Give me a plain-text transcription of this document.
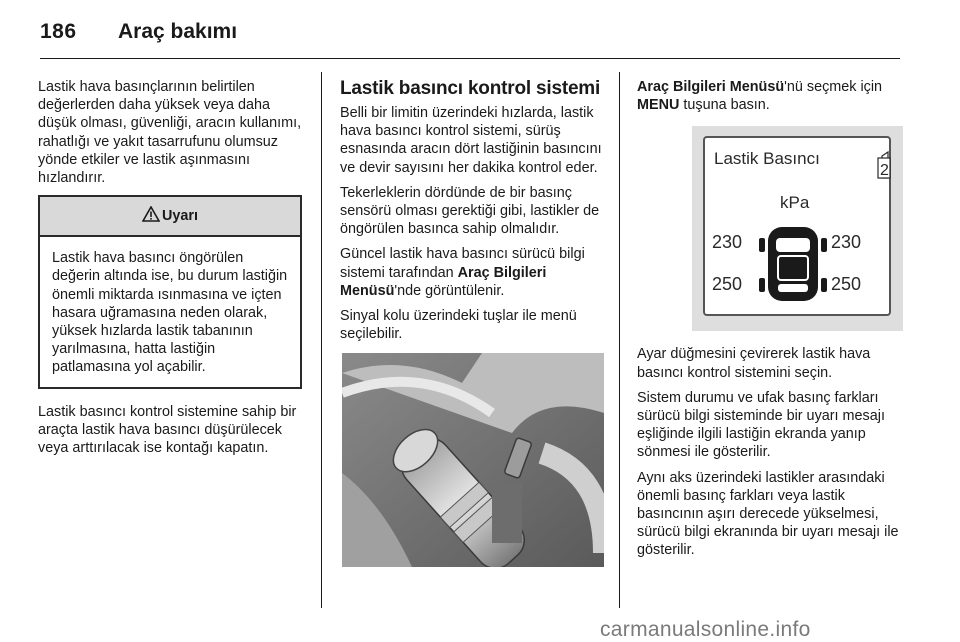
186 Araç bakımı

Lastik hava basınçlarının belirtilen değerlerden daha yüksek veya daha düşük olması, güvenliği, aracın kullanımı, rahatlığı ve yakıt tasarrufunu olumsuz yönde etkiler ve lastik aşınmasını hızlandırır.

Uyarı
Lastik hava basıncı öngörülen değerin altında ise, bu durum lastiğin önemli miktarda ısınmasına ve içten hasara uğramasına neden olarak, yüksek hızlarda lastik tabanının yarılmasına, hatta lastiğin patlamasına yol açabilir.

Lastik basıncı kontrol sistemine sahip bir araçta lastik hava basıncı düşürülecek veya arttırılacak ise kontağı kapatın.

Lastik basıncı kontrol sistemi

Belli bir limitin üzerindeki hızlarda, lastik hava basıncı kontrol sistemi, sürüş esnasında aracın dört lastiğinin basıncını ve devir sayısını her dakika kontrol eder.

Tekerleklerin dördünde de bir basınç sensörü olması gerektiği gibi, lastikler de öngörülen basınca sahip olmalıdır.

Güncel lastik hava basıncı sürücü bilgi sistemi tarafından Araç Bilgileri Menüsü'nde görüntülenir.

Sinyal kolu üzerindeki tuşlar ile menü seçilebilir.

Araç Bilgileri Menüsü'nü seçmek için MENU tuşuna basın.

Lastik Basıncı
2
kPa
230	230
250	250

Ayar düğmesini çevirerek lastik hava basıncı kontrol sistemini seçin.

Sistem durumu ve ufak basınç farkları sürücü bilgi sisteminde bir uyarı mesajı eşliğinde ilgili lastiğin ekranda yanıp sönmesi ile gösterilir.

Aynı aks üzerindeki lastikler arasındaki önemli basınç farkları veya lastik basıncının aşırı derecede yükselmesi, sürücü bilgi ekranında bir uyarı mesajı ile gösterilir.

carmanualsonline.info
